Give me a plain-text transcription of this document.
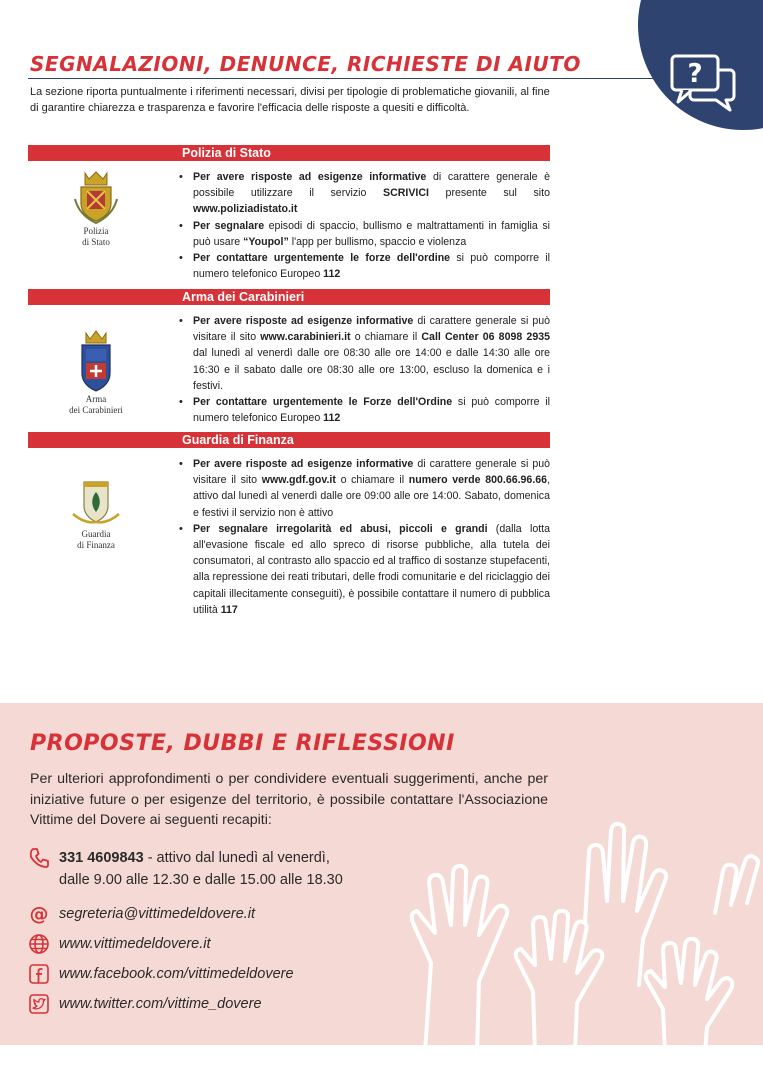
?
SEGNALAZIONI, DENUNCE, RICHIESTE DI AIUTO

La sezione riporta puntualmente i riferimenti necessari, divisi per tipologie di problematiche giovanili, al fine di garantire chiarezza e trasparenza e favorire l'efficacia delle risposte a quesiti e difficoltà.

Polizia di Stato
Polizia
di Stato
• Per avere risposte ad esigenze informative di carattere generale è possibile utilizzare il servizio SCRIVICI presente sul sito www.poliziadistato.it
• Per segnalare episodi di spaccio, bullismo e maltrattamenti in famiglia si può usare “Youpol” l'app per bullismo, spaccio e violenza
• Per contattare urgentemente le forze dell'ordine si può comporre il numero telefonico Europeo 112
Arma dei Carabinieri
Arma
dei Carabinieri
• Per avere risposte ad esigenze informative di carattere generale si può visitare il sito www.carabinieri.it o chiamare il Call Center 06 8098 2935 dal lunedì al venerdì dalle ore 08:30 alle ore 14:00 e dalle 14:30 alle ore 16:30 e il sabato dalle ore 08:30 alle ore 13:00, escluso la domenica e i festivi.
• Per contattare urgentemente le Forze dell'Ordine si può comporre il numero telefonico Europeo 112
Guardia di Finanza
Guardia
di Finanza
• Per avere risposte ad esigenze informative di carattere generale si può visitare il sito www.gdf.gov.it o chiamare il numero verde 800.66.96.66, attivo dal lunedì al venerdì dalle ore 09:00 alle ore 14:00. Sabato, domenica e festivi il servizio non è attivo
• Per segnalare irregolarità ed abusi, piccoli e grandi (dalla lotta all'evasione fiscale ed allo spreco di risorse pubbliche, alla tutela dei consumatori, al contrasto allo spaccio ed al traffico di sostanze stupefacenti, alla repressione dei reati tributari, delle frodi comunitarie e del riciclaggio dei capitali illecitamente conseguiti), è possibile contattare il numero di pubblica utilità 117
PROPOSTE, DUBBI E RIFLESSIONI

Per ulteriori approfondimenti o per condividere eventuali suggerimenti, anche per iniziative future o per esigenze del territorio, è possibile contattare l'Associazione Vittime del Dovere ai seguenti recapiti:

331 4609843 - attivo dal lunedì al venerdì,
dalle 9.00 alle 12.30 e dalle 15.00 alle 18.30
@ segreteria@vittimedeldovere.it
www.vittimedeldovere.it
www.facebook.com/vittimedeldovere
www.twitter.com/vittime_dovere
